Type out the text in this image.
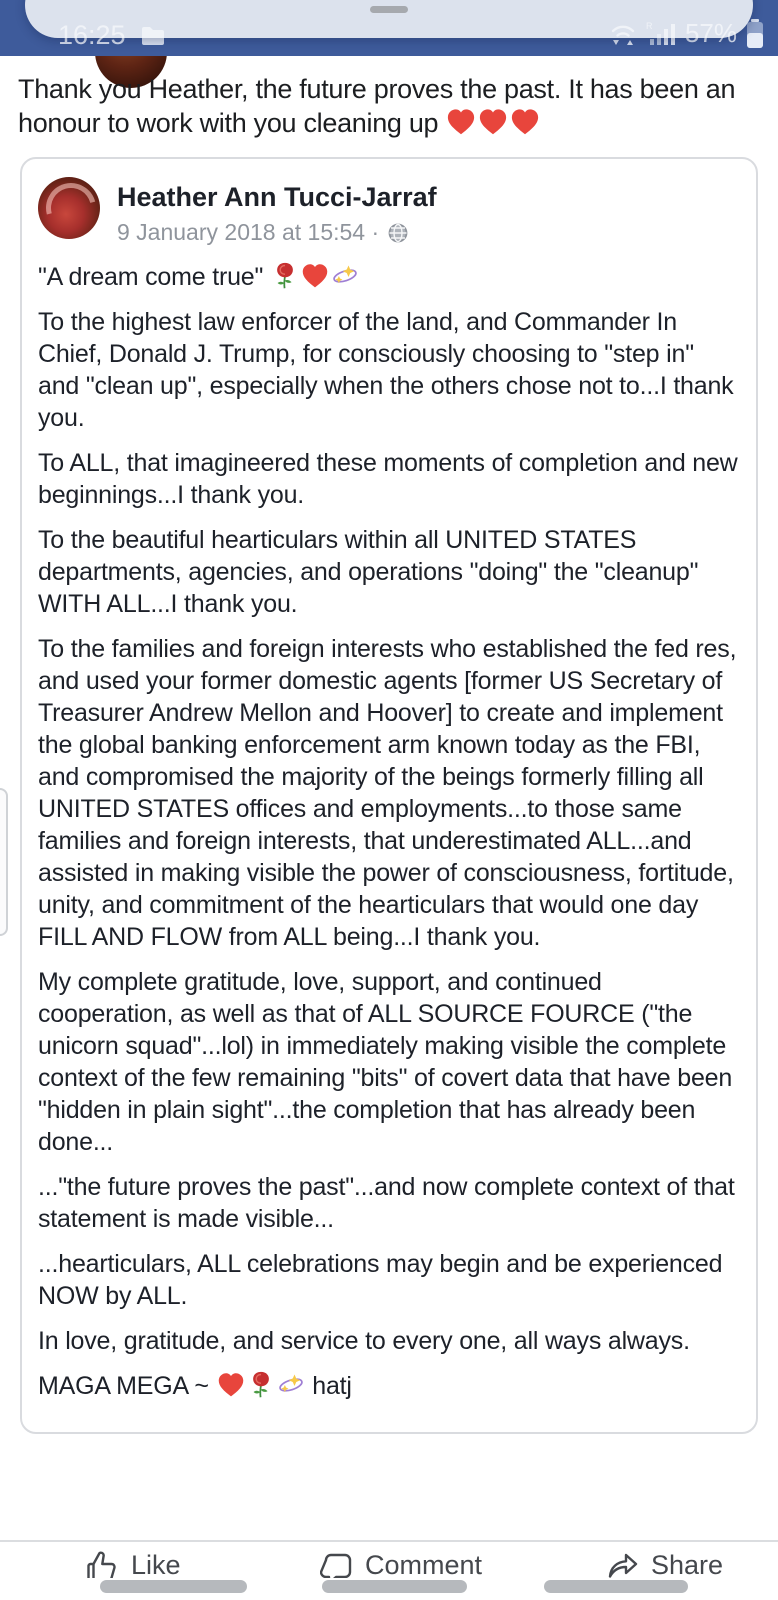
Thank you Heather, the future proves the past. It has been an honour to work with you cleaning up
Heather Ann Tucci-Jarraf
9 January 2018 at 15:54 ·

"A dream come true"

To the highest law enforcer of the land, and Commander In Chief, Donald J. Trump, for consciously choosing to "step in" and "clean up", especially when the others chose not to...I thank you.

To ALL, that imagineered these moments of completion and new beginnings...I thank you.

To the beautiful hearticulars within all UNITED STATES departments, agencies, and operations "doing" the "cleanup" WITH ALL...I thank you.

To the families and foreign interests who established the fed res, and used your former domestic agents [former US Secretary of Treasurer Andrew Mellon and Hoover] to create and implement the global banking enforcement arm known today as the FBI, and compromised the majority of the beings formerly filling all UNITED STATES offices and employments...to those same families and foreign interests, that underestimated ALL...and assisted in making visible the power of consciousness, fortitude, unity, and commitment of the hearticulars that would one day FILL AND FLOW from ALL being...I thank you.

My complete gratitude, love, support, and continued cooperation, as well as that of ALL SOURCE FOURCE ("the unicorn squad"...lol) in immediately making visible the complete context of the few remaining "bits" of covert data that have been "hidden in plain sight"...the completion that has already been done...

..."the future proves the past"...and now complete context of that statement is made visible...

...hearticulars, ALL celebrations may begin and be experienced NOW by ALL.

In love, gratitude, and service to every one, all ways always.

MAGA MEGA ~	hatj

Like	Comment	Share
